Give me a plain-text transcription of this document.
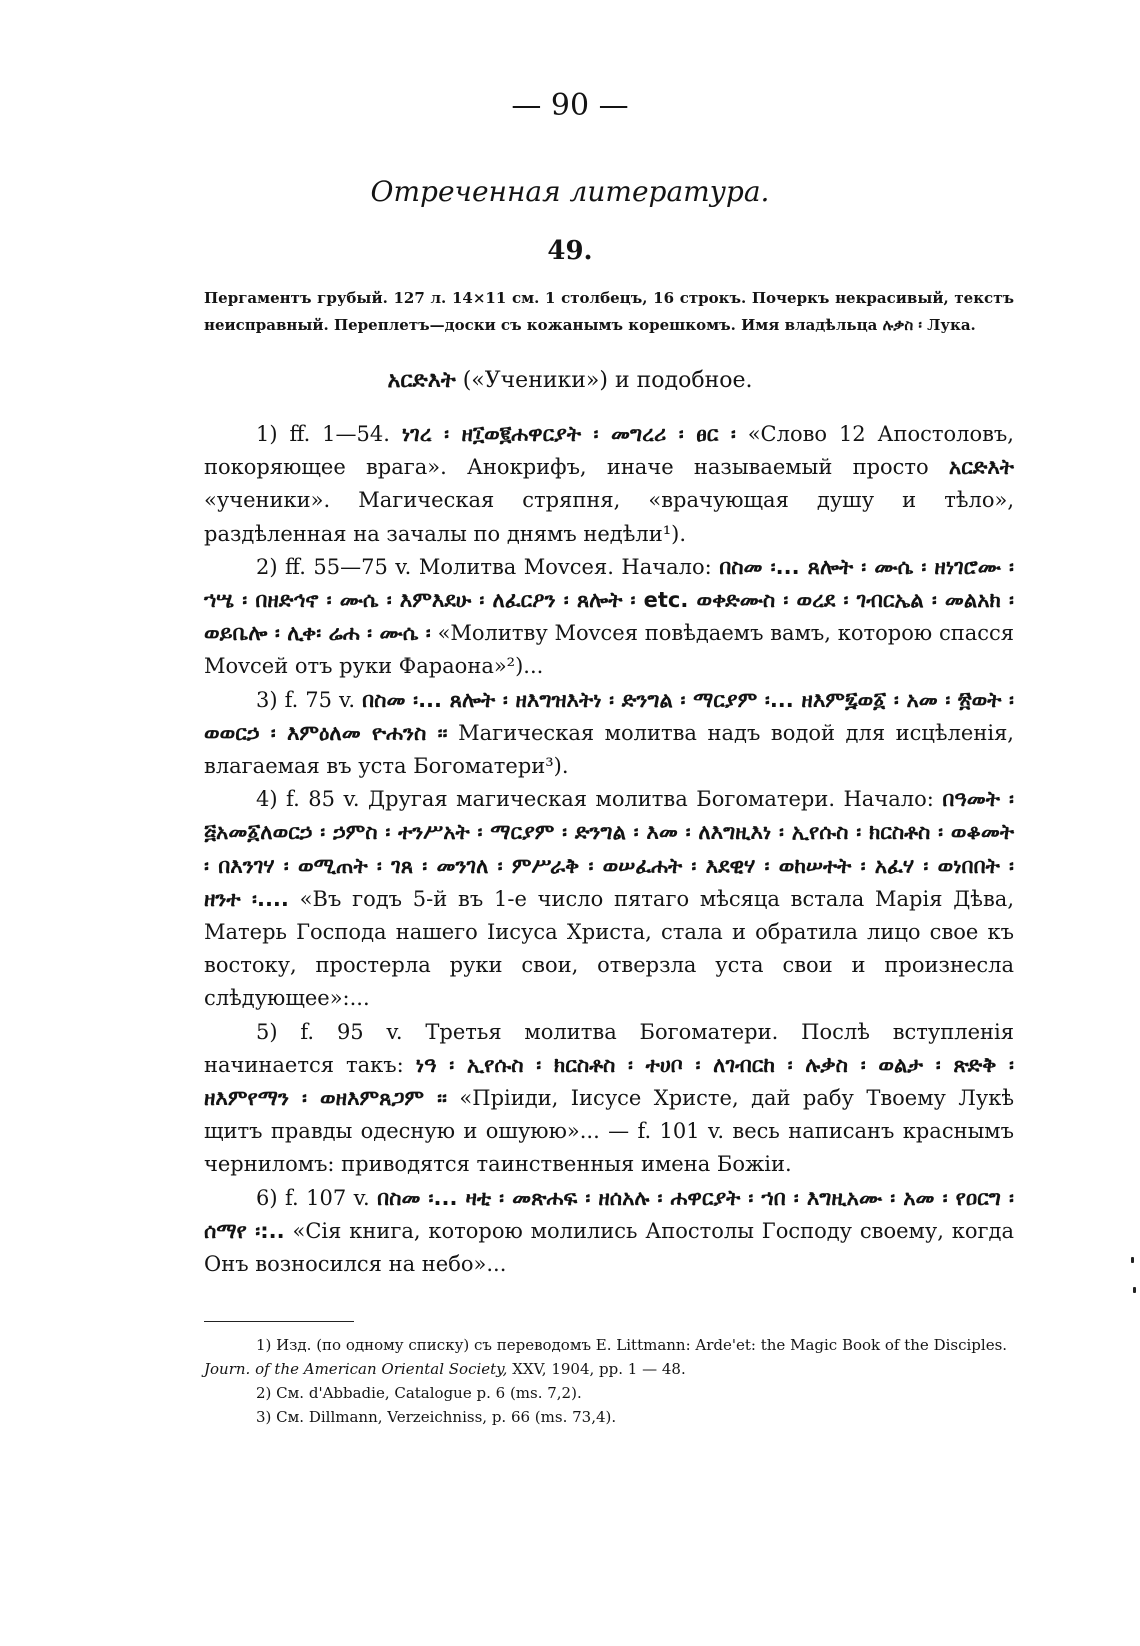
— 90 —
Отреченная литература.
49.

Пергаментъ грубый. 127 л. 14×11 см. 1 столбецъ, 16 строкъ. Почеркъ некрасивый, текстъ неисправный. Переплетъ—доски съ кожанымъ корешкомъ. Имя владѣльца ሉቃስ ፡ Лука.

አርድእት («Ученики») и подобное.

1) ff. 1—54. ነገረ ፡ ዘ፲ወ፪ሐዋርያት ፡ መግረሪ ፡ ፀር ፡ «Слово 12 Апостоловъ, покоряющее врага». Анокрифъ, иначе называемый просто አርድእት «ученики». Магическая стряпня, «врачующая душу и тѣло», раздѣленная на зачалы по днямъ недѣли¹).

2) ff. 55—75 v. Молитва Моvсея. Начало: በስመ ፡... ጸሎት ፡ ሙሴ ፡ ዘነገሮሙ ፡ ኀሤ ፡ በዘድኅኖ ፡ ሙሴ ፡ እምእደሁ ፡ ለፈርዖን ፡ ጸሎት ፡ etc. ወቀድሙስ ፡ ወረደ ፡ ገብርኤል ፡ መልአክ ፡ ወይቤሎ ፡ ሊቀ፡ ሬሐ ፡ ሙሴ ፡ «Молитву Моvсея повѣдаемъ вамъ, которою спасся Моvсей отъ руки Фараона»²)...

3) f. 75 v. በስመ ፡... ጸሎት ፡ ዘእግዝእትነ ፡ ድንግል ፡ ማርያም ፡... ዘእም፯ወ፩ ፡ አመ ፡ ፳ወት ፡ ወወርኃ ፡ እምዕለመ ዮሐንስ ፡፡ Магическая молитва надъ водой для исцѣленія, влагаемая въ уста Богоматери³).

4) f. 85 v. Другая магическая молитва Богоматери. Начало: በዓመት ፡ ፭አመ፩ለወርኃ ፡ ኃምስ ፡ ተንሥአት ፡ ማርያም ፡ ድንግል ፡ እመ ፡ ለእግዚእነ ፡ ኢየሱስ ፡ ክርስቶስ ፡ ወቆመት ፡ በእንገሃ ፡ ወሚጠት ፡ ገጸ ፡ መንገለ ፡ ምሥራቅ ፡ ወሠፈሐት ፡ እደዊሃ ፡ ወከሠተት ፡ አፈሃ ፡ ወነበበት ፡ ዘንተ ፡.... «Въ годъ 5-й въ 1-е число пятаго мѣсяца встала Марія Дѣва, Матерь Господа нашего Іисуса Христа, стала и обратила лицо свое къ востоку, простерла руки свои, отверзла уста свои и произнесла слѣдующее»:...

5) f. 95 v. Третья молитва Богоматери. Послѣ вступленія начинается такъ: ነዓ ፡ ኢየሱስ ፡ ክርስቶስ ፡ ተሀቦ ፡ ለገብርከ ፡ ሉቃስ ፡ ወልታ ፡ ጽድቅ ፡ ዘእምየማን ፡ ወዘእምጸጋም ፡፡ «Пріиди, Іисусе Христе, дай рабу Твоему Лукѣ щитъ правды одесную и ошуюю»... — f. 101 v. весь написанъ краснымъ черниломъ: приводятся таинственныя имена Божіи.

6) f. 107 v. በስመ ፡... ዛቲ ፡ መጽሐፍ ፡ ዘሰአሉ ፡ ሐዋርያት ፡ ኀበ ፡ እግዚአሙ ፡ አመ ፡ የዐርግ ፡ ሰማየ ፡:.. «Сія книга, которою молились Апостолы Господу своему, когда Онъ возносился на небо»...

1) Изд. (по одному списку) съ переводомъ E. Littmann: Arde'et: the Magic Book of the Disciples. Journ. of the American Oriental Society, XXV, 1904, pp. 1 — 48.

2) См. d'Abbadie, Catalogue p. 6 (ms. 7,2).

3) См. Dillmann, Verzeichniss, p. 66 (ms. 73,4).
